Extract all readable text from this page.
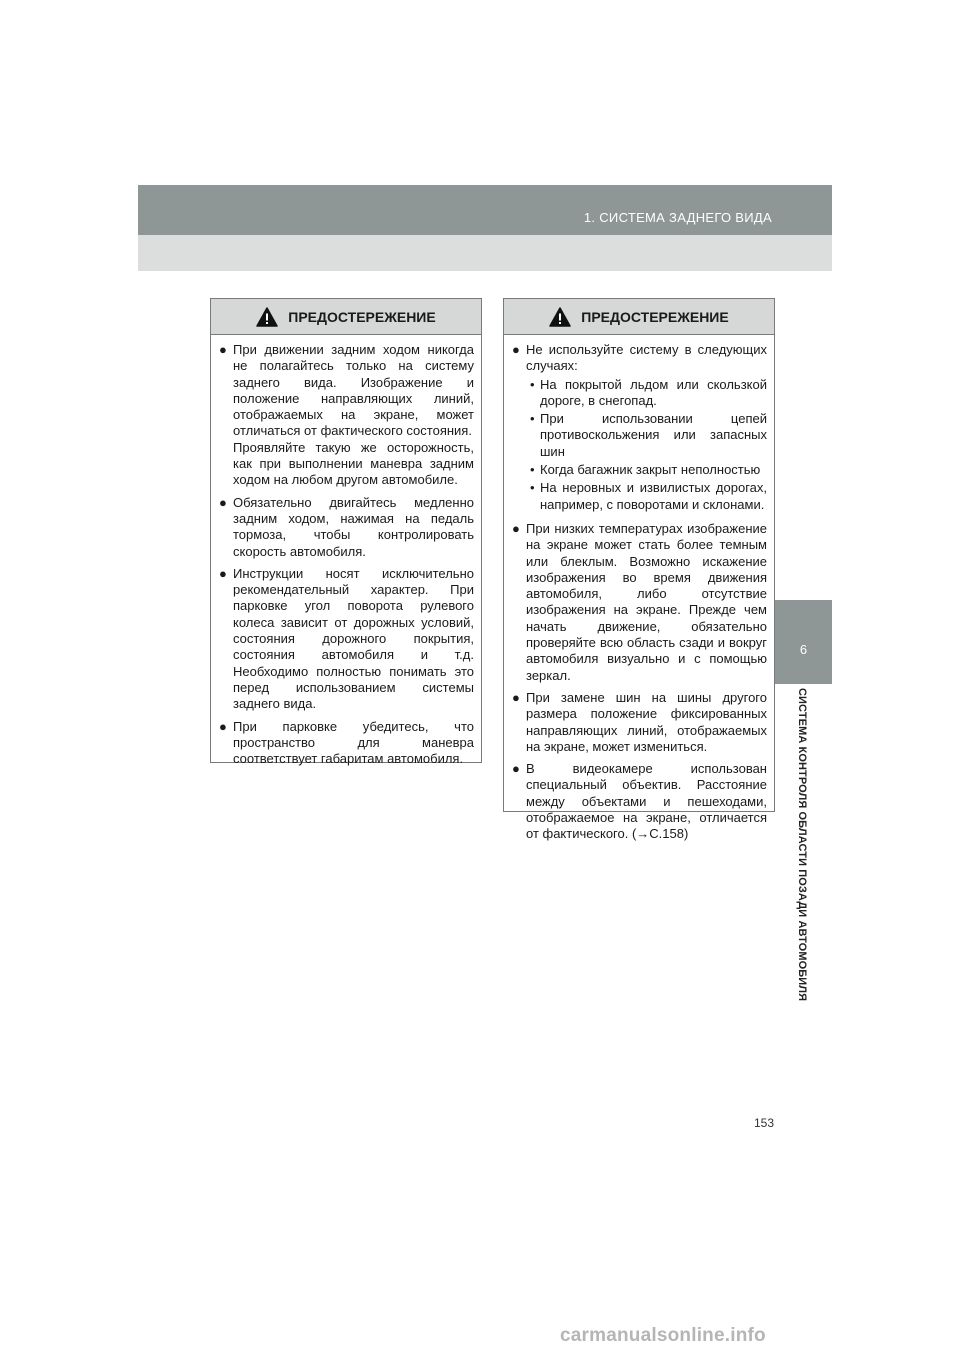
1. СИСТЕМА ЗАДНЕГО ВИДА
6
СИСТЕМА КОНТРОЛЯ ОБЛАСТИ ПОЗАДИ АВТОМОБИЛЯ
ПРЕДОСТЕРЕЖЕНИЕ
●

При движении задним ходом никогда не полагайтесь только на систему заднего вида. Изображение и положение направляющих линий, отображаемых на экране, может отличаться от фактического состояния.

Проявляйте такую же осторожность, как при выполнении маневра задним ходом на любом другом автомобиле.

●

Обязательно двигайтесь медленно задним ходом, нажимая на педаль тормоза, чтобы контролировать скорость автомобиля.

●

Инструкции носят исключительно рекомендательный характер. При парковке угол поворота рулевого колеса зависит от дорожных условий, состояния дорожного покрытия, состояния автомобиля и т.д. Необходимо полностью понимать это перед использованием системы заднего вида.

●

При парковке убедитесь, что пространство для маневра соответствует габаритам автомобиля.

ПРЕДОСТЕРЕЖЕНИЕ
●

Не используйте систему в следующих случаях:

• На покрытой льдом или скользкой дороге, в снегопад.
• При использовании цепей противоскольжения или запасных шин
• Когда багажник закрыт неполностью
• На неровных и извилистых дорогах, например, с поворотами и склонами.
●

При низких температурах изображение на экране может стать более темным или блеклым. Возможно искажение изображения во время движения автомобиля, либо отсутствие изображения на экране. Прежде чем начать движение, обязательно проверяйте всю область сзади и вокруг автомобиля визуально и с помощью зеркал.

●

При замене шин на шины другого размера положение фиксированных направляющих линий, отображаемых на экране, может измениться.

●

В видеокамере использован специальный объектив. Расстояние между объектами и пешеходами, отображаемое на экране, отличается от фактического. (→С.158)

153
carmanualsonline.info
